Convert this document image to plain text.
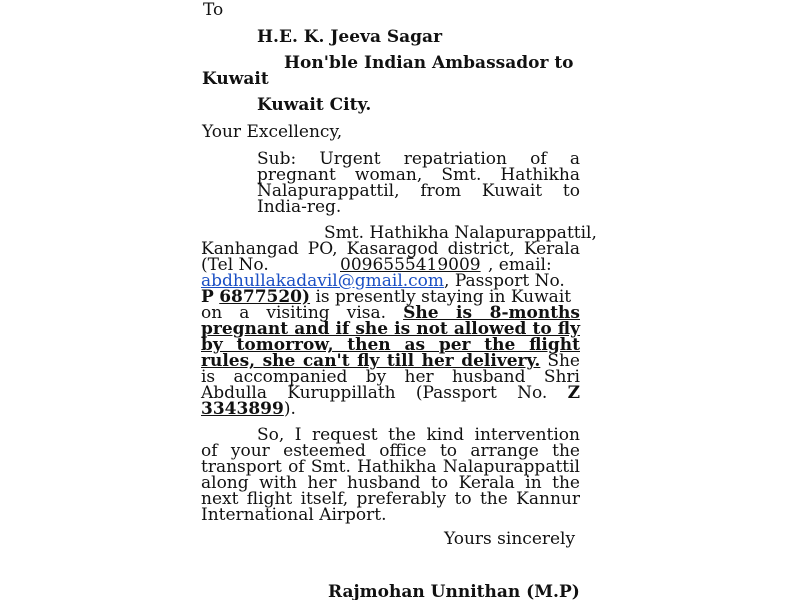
To
H.E. K. Jeeva Sagar
Hon'ble Indian Ambassador to
Kuwait
Kuwait City.
Your Excellency,
Sub: Urgent repatriation of a
pregnant woman, Smt. Hathikha
Nalapurappattil, from Kuwait to
India-reg.
Smt. Hathikha Nalapurappattil,
Kanhangad PO, Kasaragod district, Kerala
(Tel No.	0096555419009 , email:
abdhullakadavil@gmail.com, Passport No.
P 6877520) is presently staying in Kuwait
on a visiting visa. She is 8-months
pregnant and if she is not allowed to fly
by tomorrow, then as per the flight
rules, she can't fly till her delivery. She
is accompanied by her husband Shri
Abdulla Kuruppillath (Passport No. Z
3343899).
So, I request the kind intervention
of your esteemed office to arrange the
transport of Smt. Hathikha Nalapurappattil
along with her husband to Kerala in the
next flight itself, preferably to the Kannur
International Airport.
Yours sincerely
Rajmohan Unnithan (M.P)
